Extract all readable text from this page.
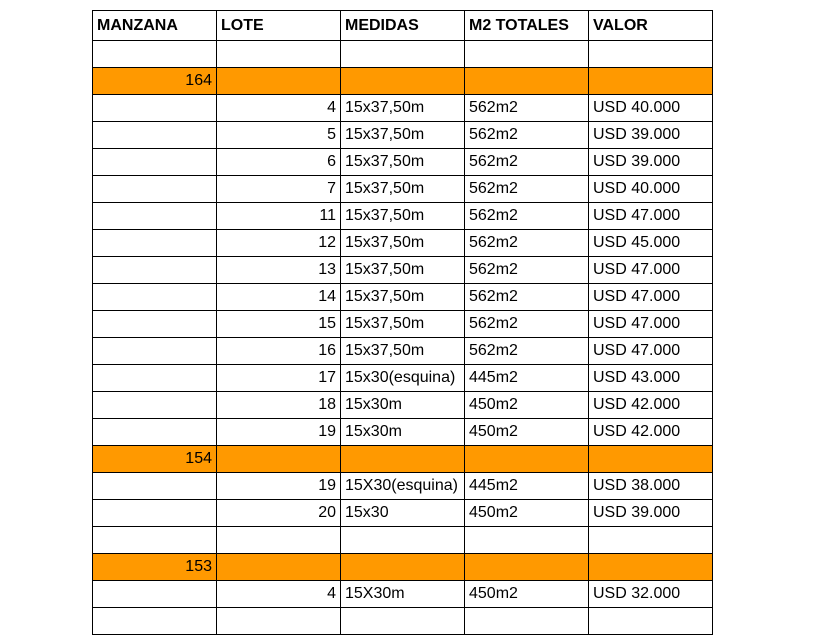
MANZANA	LOTE	MEDIDAS	M2 TOTALES	VALOR

164				
	4	15x37,50m	562m2	USD 40.000
	5	15x37,50m	562m2	USD 39.000
	6	15x37,50m	562m2	USD 39.000
	7	15x37,50m	562m2	USD 40.000
	11	15x37,50m	562m2	USD 47.000
	12	15x37,50m	562m2	USD 45.000
	13	15x37,50m	562m2	USD 47.000
	14	15x37,50m	562m2	USD 47.000
	15	15x37,50m	562m2	USD 47.000
	16	15x37,50m	562m2	USD 47.000
	17	15x30(esquina)	445m2	USD 43.000
	18	15x30m	450m2	USD 42.000
	19	15x30m	450m2	USD 42.000
154				
	19	15X30(esquina)	445m2	USD 38.000
	20	15x30	450m2	USD 39.000

153				
	4	15X30m	450m2	USD 32.000
